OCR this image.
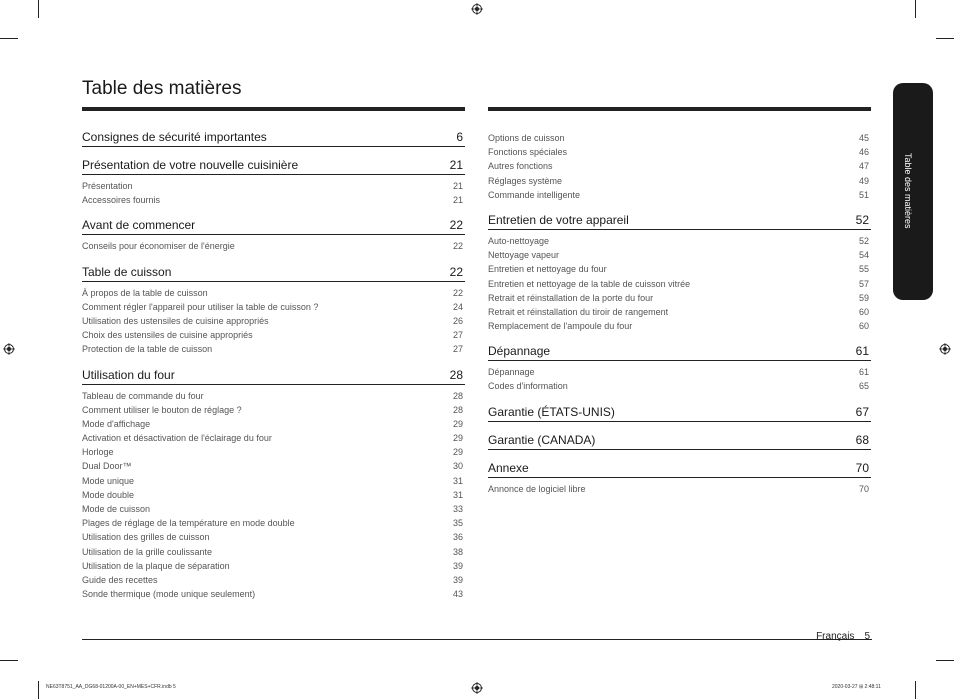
Table des matières
Consignes de sécurité importantes	6
Présentation de votre nouvelle cuisinière	21
Présentation	21
Accessoires fournis	21
Avant de commencer	22
Conseils pour économiser de l'énergie	22
Table de cuisson	22
À propos de la table de cuisson	22
Comment régler l'appareil pour utiliser la table de cuisson ?	24
Utilisation des ustensiles de cuisine appropriés	26
Choix des ustensiles de cuisine appropriés	27
Protection de la table de cuisson	27
Utilisation du four	28
Tableau de commande du four	28
Comment utiliser le bouton de réglage ?	28
Mode d'affichage	29
Activation et désactivation de l'éclairage du four	29
Horloge	29
Dual Door™	30
Mode unique	31
Mode double	31
Mode de cuisson	33
Plages de réglage de la température en mode double	35
Utilisation des grilles de cuisson	36
Utilisation de la grille coulissante	38
Utilisation de la plaque de séparation	39
Guide des recettes	39
Sonde thermique (mode unique seulement)	43
Options de cuisson	45
Fonctions spéciales	46
Autres fonctions	47
Réglages système	49
Commande intelligente	51
Entretien de votre appareil	52
Auto-nettoyage	52
Nettoyage vapeur	54
Entretien et nettoyage du four	55
Entretien et nettoyage de la table de cuisson vitrée	57
Retrait et réinstallation de la porte du four	59
Retrait et réinstallation du tiroir de rangement	60
Remplacement de l'ampoule du four	60
Dépannage	61
Dépannage	61
Codes d'information	65
Garantie (ÉTATS-UNIS)	67
Garantie (CANADA)	68
Annexe	70
Annonce de logiciel libre	70
Table des matières
Français 5
NE63T8751_AA_DG68-01200A-00_EN+MES+CFR.indb 5	2020-03-27 ⊞ 2:48:11
